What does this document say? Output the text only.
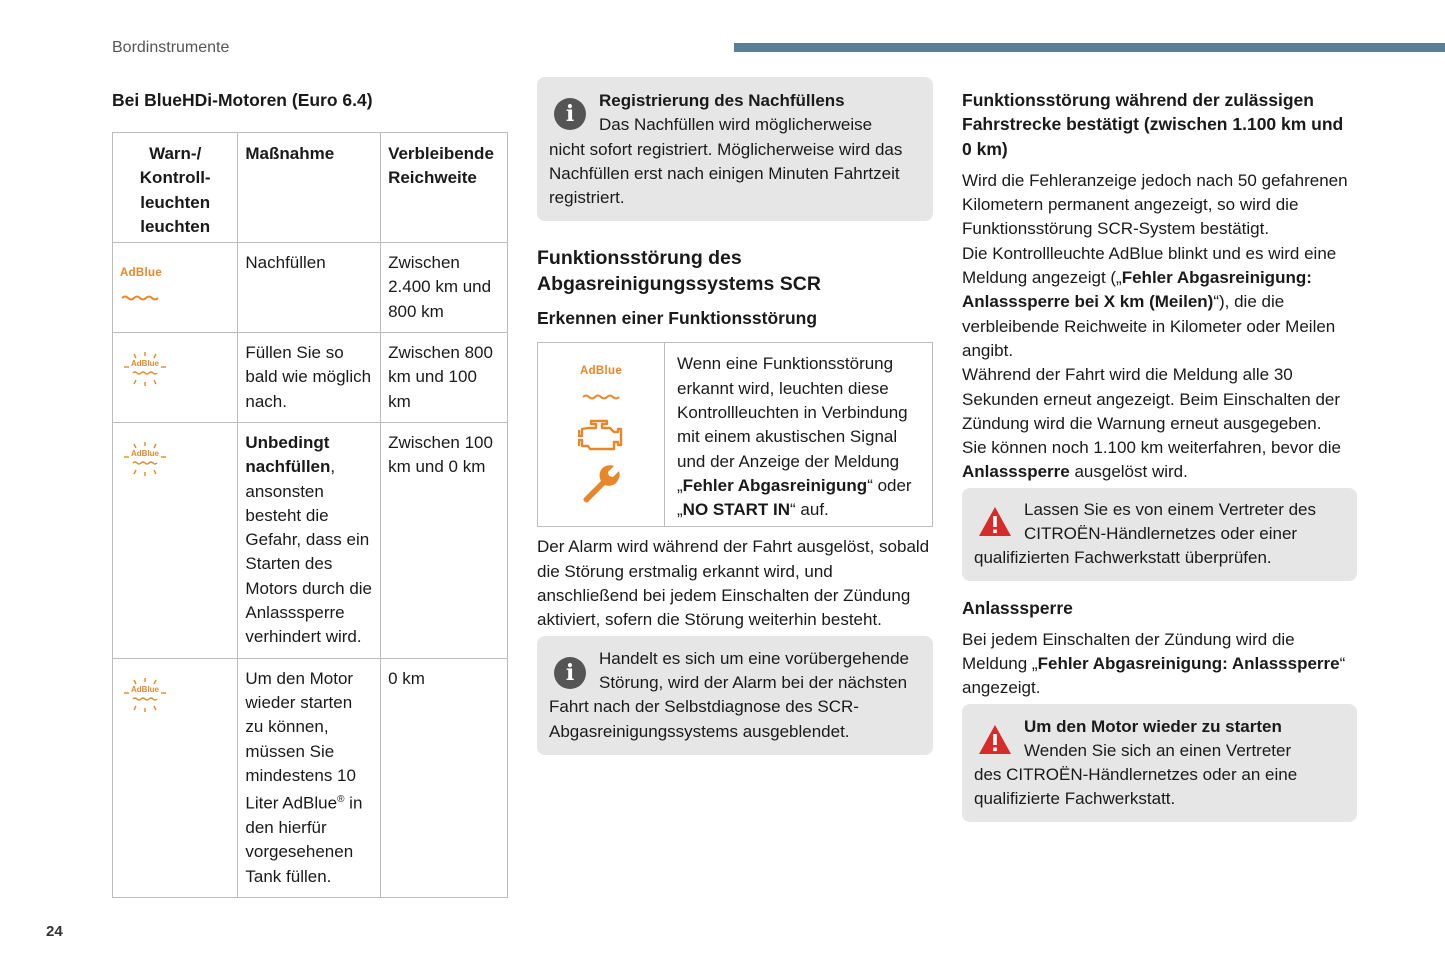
Bordinstrumente
24
Bei BlueHDi-Motoren (Euro 6.4)
Warn-/
Kontroll-
leuchten
leuchten	Maßnahme	Verbleibende Reichweite

AdBlue	Nachfüllen	Zwischen 2.400 km und 800 km

AdBlue	Füllen Sie so bald wie möglich nach.	Zwischen 800 km und 100 km

AdBlue	Unbedingt nachfüllen, ansonsten besteht die Gefahr, dass ein Starten des Motors durch die Anlasssperre verhindert wird.	Zwischen 100 km und 0 km

AdBlue	Um den Motor wieder starten zu können, müssen Sie mindestens 10 Liter AdBlue® in den hierfür vorgesehenen Tank füllen.	0 km
i
Registrierung des Nachfüllens
Das Nachfüllen wird möglicherweise
nicht sofort registriert. Möglicherweise wird das Nachfüllen erst nach einigen Minuten Fahrtzeit registriert.
Funktionsstörung des Abgasreinigungssystems SCR
Erkennen einer Funktionsstörung
AdBlue	Wenn eine Funktionsstörung erkannt wird, leuchten diese Kontrollleuchten in Verbindung mit einem akustischen Signal und der Anzeige der Meldung „Fehler Abgasreinigung“ oder „NO START IN“ auf.

Der Alarm wird während der Fahrt ausgelöst, sobald die Störung erstmalig erkannt wird, und anschließend bei jedem Einschalten der Zündung aktiviert, sofern die Störung weiterhin besteht.

i
Handelt es sich um eine vorübergehende Störung, wird der Alarm bei der nächsten
Fahrt nach der Selbstdiagnose des SCR-Abgasreinigungssystems ausgeblendet.
Funktionsstörung während der zulässigen Fahrstrecke bestätigt (zwischen 1.100 km und 0 km)

Wird die Fehleranzeige jedoch nach 50 gefahrenen Kilometern permanent angezeigt, so wird die Funktionsstörung SCR-System bestätigt.
Die Kontrollleuchte AdBlue blinkt und es wird eine Meldung angezeigt („Fehler Abgasreinigung: Anlasssperre bei X km (Meilen)“), die die verbleibende Reichweite in Kilometer oder Meilen angibt.
Während der Fahrt wird die Meldung alle 30 Sekunden erneut angezeigt. Beim Einschalten der Zündung wird die Warnung erneut ausgegeben.
Sie können noch 1.100 km weiterfahren, bevor die Anlasssperre ausgelöst wird.

Lassen Sie es von einem Vertreter des CITROËN-Händlernetzes oder einer
qualifizierten Fachwerkstatt überprüfen.
Anlasssperre

Bei jedem Einschalten der Zündung wird die Meldung „Fehler Abgasreinigung: Anlasssperre“ angezeigt.

Um den Motor wieder zu starten
Wenden Sie sich an einen Vertreter
des CITROËN-Händlernetzes oder an eine qualifizierte Fachwerkstatt.
